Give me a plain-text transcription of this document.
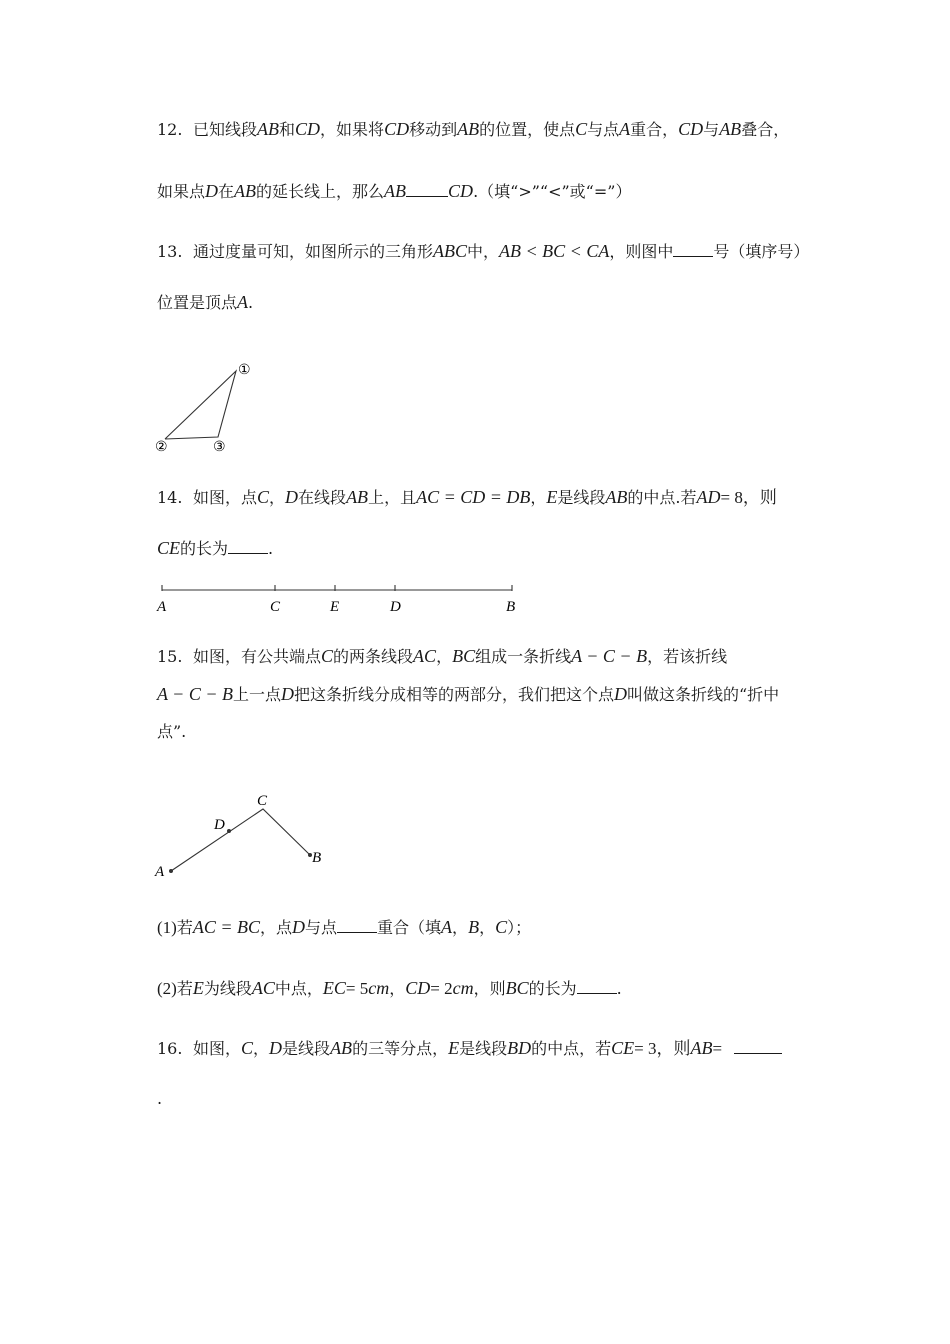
12. 已知线段AB和CD，如果将CD移动到AB的位置，使点C与点A重合，CD与AB叠合，
如果点D在AB的延长线上，那么AB CD.（填“>”“<”或“=”）
13. 通过度量可知，如图所示的三角形ABC中，AB < BC < CA，则图中	号（填序号）
位置是顶点A.
①
②	③
14. 如图，点C，D在线段AB上，且AC = CD = DB，E是线段AB的中点.若AD= 8，则
CE的长为	.
A	C	E	D	B
15. 如图，有公共端点C的两条线段AC，BC组成一条折线A − C − B，若该折线
A − C − B上一点D把这条折线分成相等的两部分，我们把这个点D叫做这条折线的“折中
点”.
A
D
C
B
(1)若AC = BC，点D与点	重合（填A，B，C）；
(2)若E为线段AC中点，EC= 5cm，CD= 2cm，则BC的长为	.
16. 如图，C，D是线段AB的三等分点，E是线段BD的中点，若CE= 3，则AB=
.
